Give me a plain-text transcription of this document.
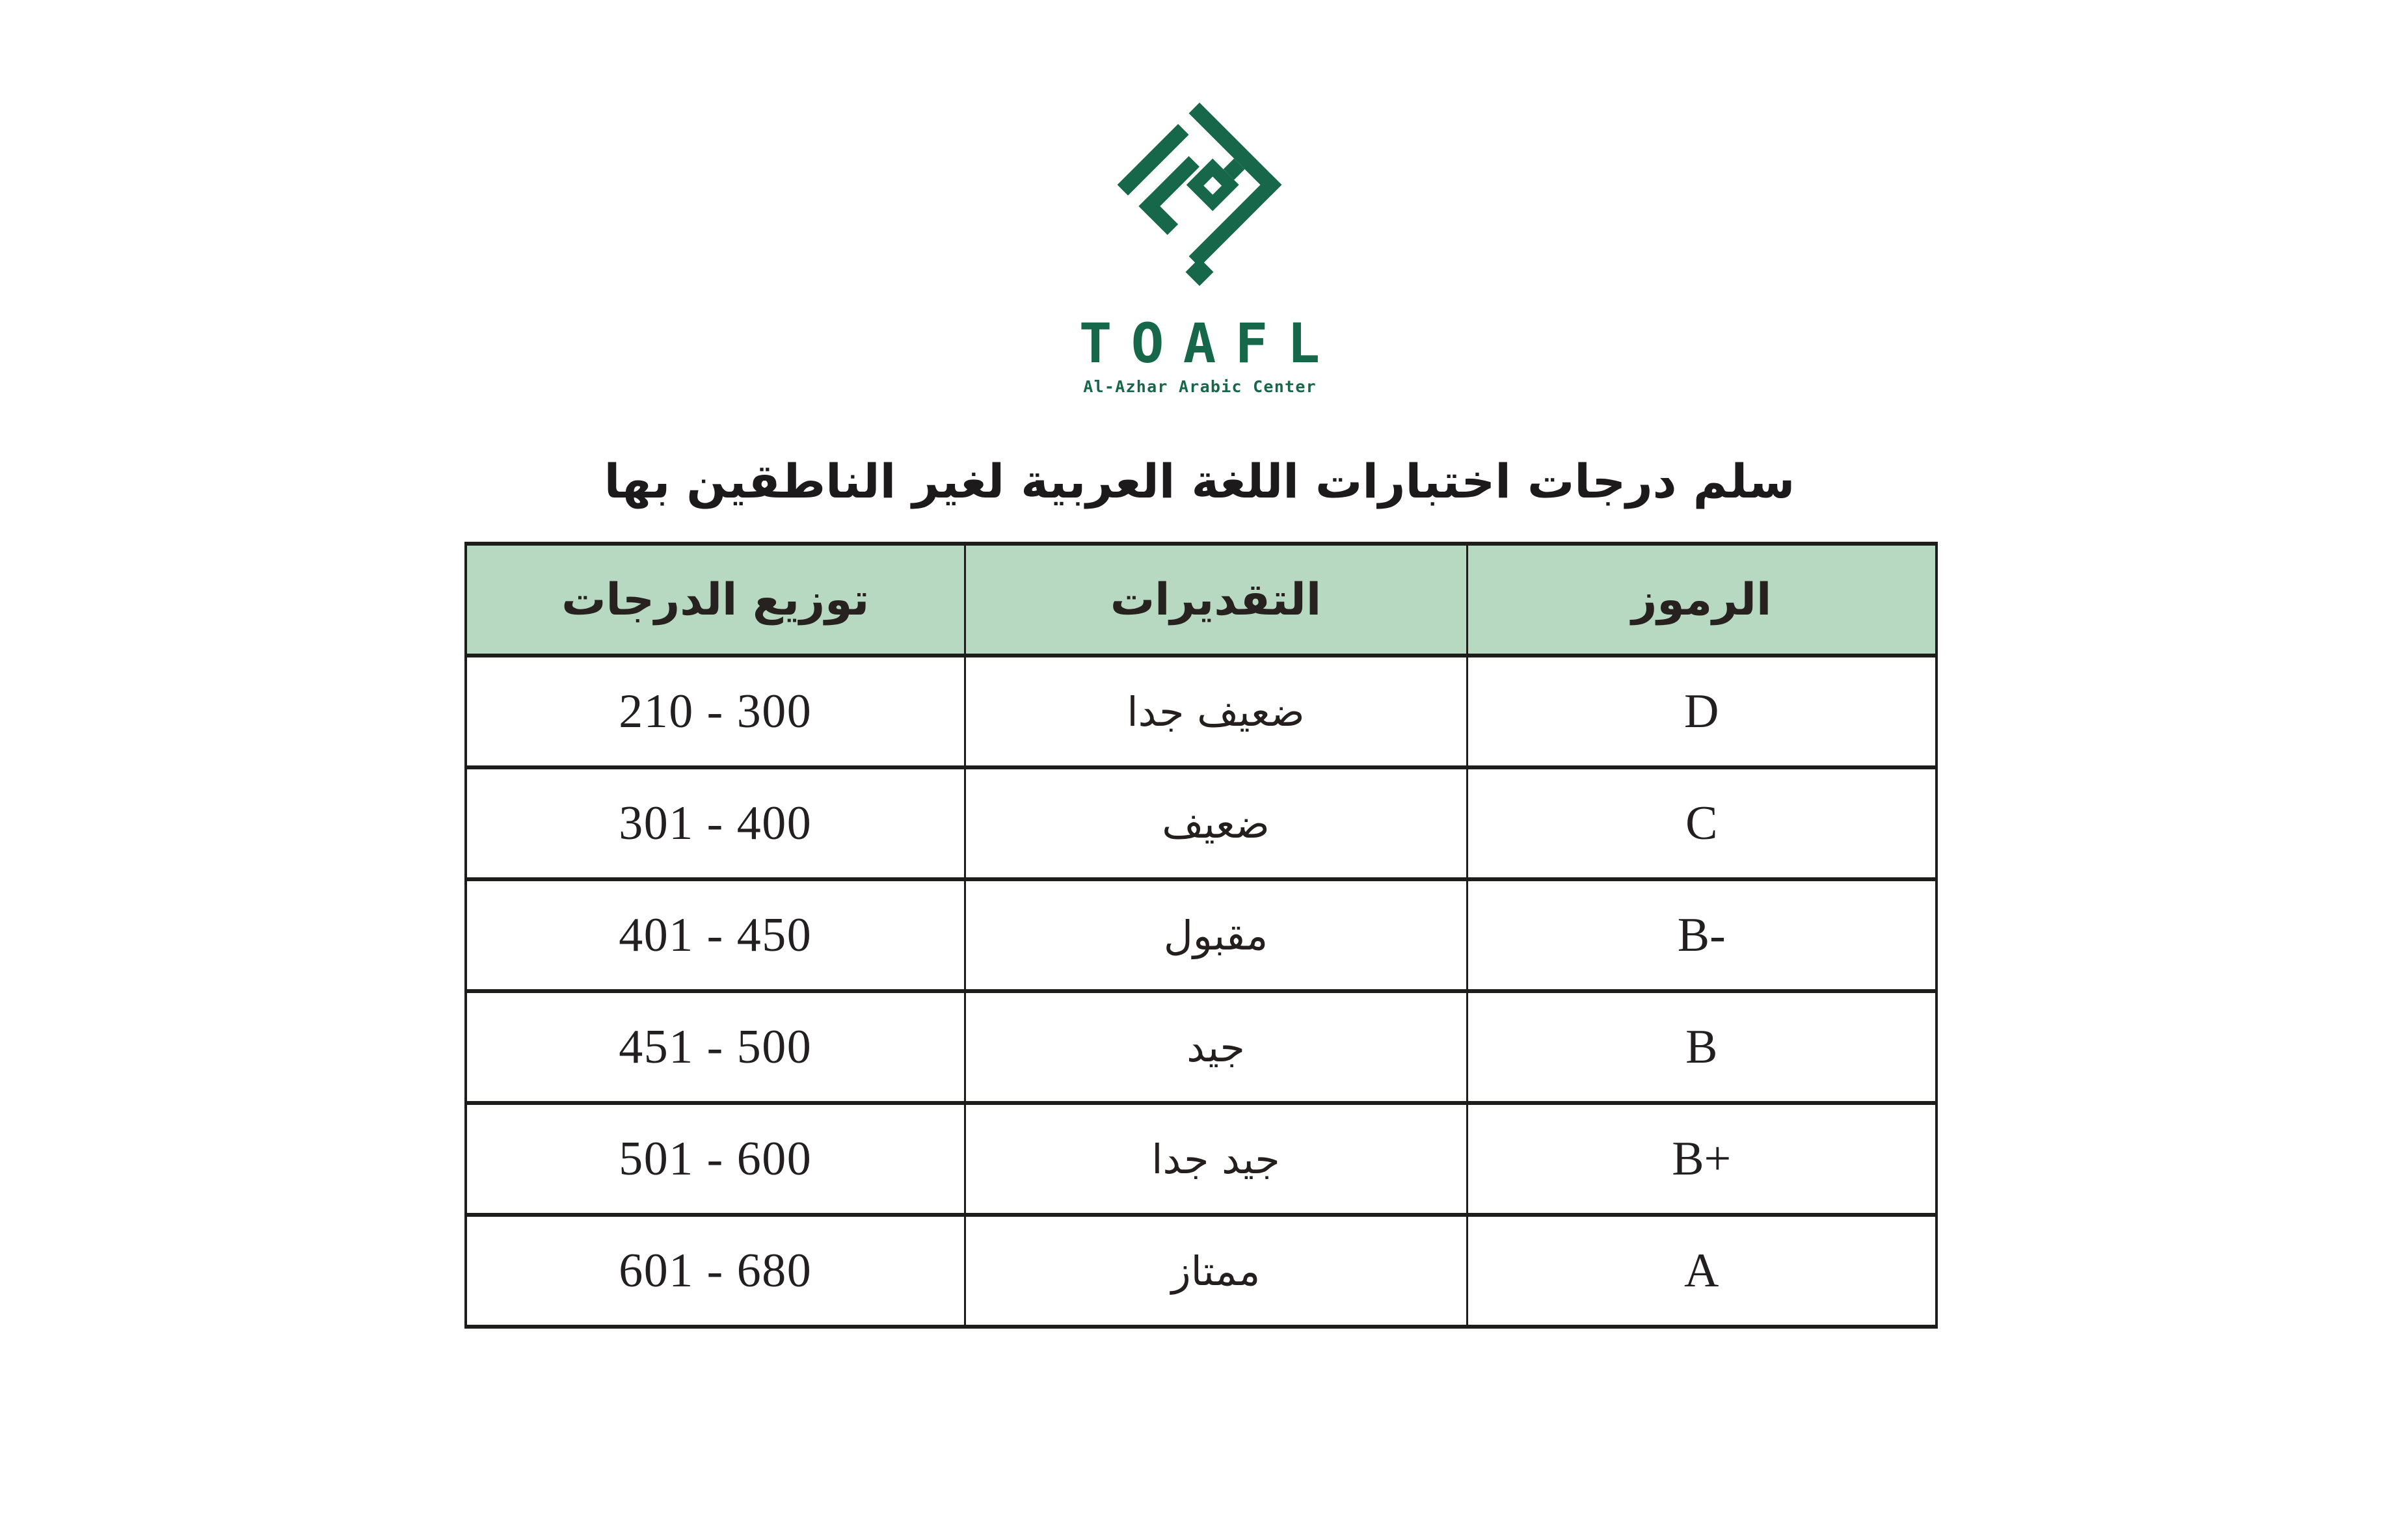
TOAFL
Al-Azhar Arabic Center
سلم درجات اختبارات اللغة العربية لغير الناطقين بها
توزيع الدرجات	التقديرات	الرموز
210 - 300	ضعيف جدا	D
301 - 400	ضعيف	C
401 - 450	مقبول	B-
451 - 500	جيد	B
501 - 600	جيد جدا	B+
601 - 680	ممتاز	A
